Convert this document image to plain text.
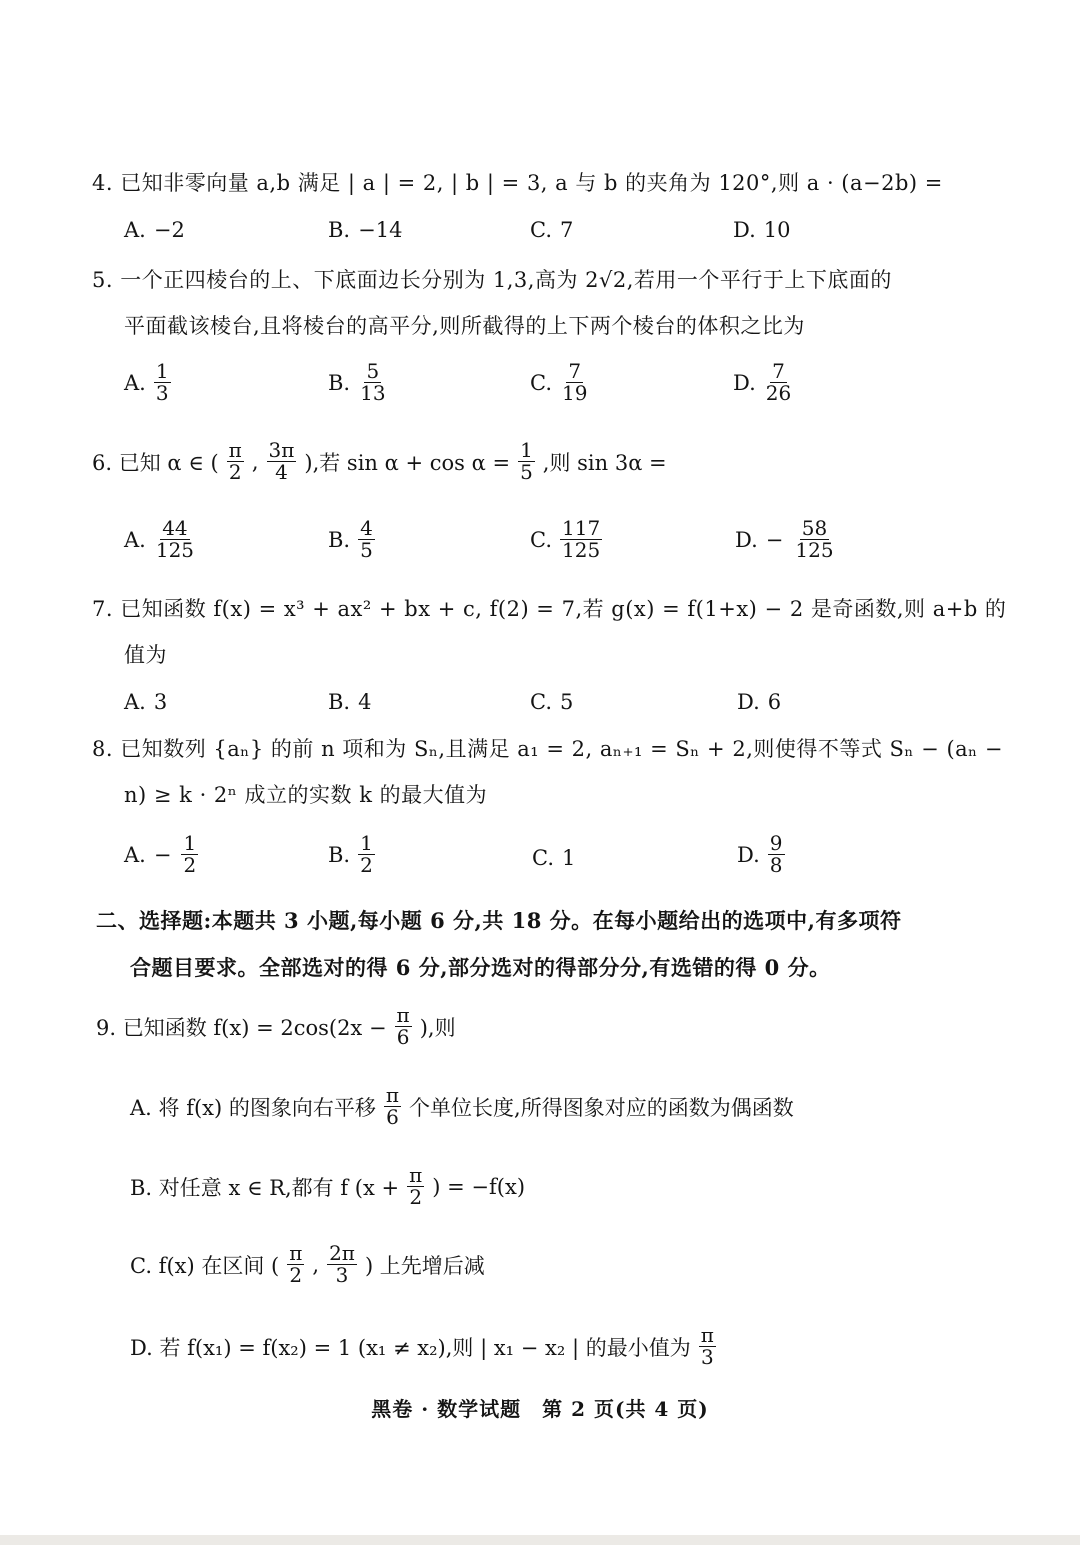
4. 已知非零向量 a,b 满足 | a | = 2, | b | = 3, a 与 b 的夹角为 120°,则 a · (a−2b) =
A. −2	B. −14	C. 7	D. 10
5. 一个正四棱台的上、下底面边长分别为 1,3,高为 2√2,若用一个平行于上下底面的
平面截该棱台,且将棱台的高平分,则所截得的上下两个棱台的体积之比为
A. $\frac{1}{3}$	B. $\frac{5}{13}$	C. $\frac{7}{19}$	D. $\frac{7}{26}$
6. 已知 α ∈ ( $\frac{\pi}{2}$ , $\frac{3\pi}{4}$ ),若 $\sin \alpha + \cos \alpha = \frac{1}{5}$ ,则 sin 3α =
A. $\frac{44}{125}$	B. $\frac{4}{5}$	C. $\frac{117}{125}$	D. − $\frac{58}{125}$
7. 已知函数 f(x) = x³ + ax² + bx + c, f(2) = 7,若 g(x) = f(1+x) − 2 是奇函数,则 a+b 的
值为
A. 3	B. 4	C. 5	D. 6
8. 已知数列 {aₙ} 的前 n 项和为 Sₙ,且满足 a₁ = 2, aₙ₊₁ = Sₙ + 2,则使得不等式 Sₙ − (aₙ −
n) ≥ k · 2ⁿ 成立的实数 k 的最大值为
A. − $\frac{1}{2}$	B. $\frac{1}{2}$	C. 1	D. $\frac{9}{8}$
二、选择题:本题共 3 小题,每小题 6 分,共 18 分。在每小题给出的选项中,有多项符
合题目要求。全部选对的得 6 分,部分选对的得部分分,有选错的得 0 分。
9. 已知函数 $f(x) = 2\cos(2x - \frac{\pi}{6}$ ),则
A. 将 f(x) 的图象向右平移 $\frac{\pi}{6}$ 个单位长度,所得图象对应的函数为偶函数
B. 对任意 x ∈ R,都有 f ($x + \frac{\pi}{2}$ ) = −f(x)
C. f(x) 在区间 ( $\frac{\pi}{2}$ , $\frac{2\pi}{3}$ ) 上先增后减
D. 若 f(x₁) = f(x₂) = 1 (x₁ ≠ x₂),则 | x₁ − x₂ | 的最小值为 $\frac{\pi}{3}$
黑卷 · 数学试题　第 2 页(共 4 页)
